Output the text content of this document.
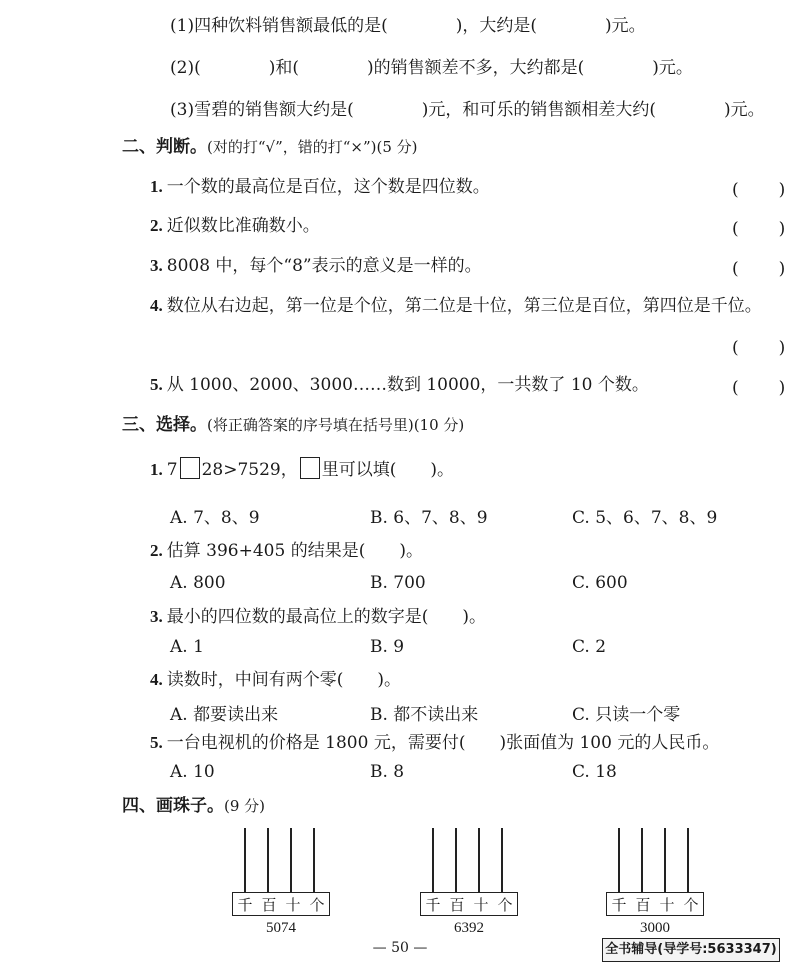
(1)四种饮料销售额最低的是(　　　　)，大约是(　　　　)元。
(2)(　　　　)和(　　　　)的销售额差不多，大约都是(　　　　)元。
(3)雪碧的销售额大约是(　　　　)元，和可乐的销售额相差大约(　　　　)元。
二、判断。(对的打“√”，错的打“×”)(5 分)
1. 一个数的最高位是百位，这个数是四位数。	(　　)
2. 近似数比准确数小。	(　　)
3. 8008 中，每个“8”表示的意义是一样的。	(　　)
4. 数位从右边起，第一位是个位，第二位是十位，第三位是百位，第四位是千位。
(　　)
5. 从 1000、2000、3000……数到 10000，一共数了 10 个数。	(　　)
三、选择。(将正确答案的序号填在括号里)(10 分)
1. 7 28>7529， 里可以填(　　)。
A. 7、8、9	B. 6、7、8、9	C. 5、6、7、8、9
2. 估算 396+405 的结果是(　　)。
A. 800	B. 700	C. 600
3. 最小的四位数的最高位上的数字是(　　)。
A. 1	B. 9	C. 2
4. 读数时，中间有两个零(　　)。
A. 都要读出来	B. 都不读出来	C. 只读一个零
5. 一台电视机的价格是 1800 元，需要付(　　)张面值为 100 元的人民币。
A. 10	B. 8	C. 18
四、画珠子。(9 分)
千 百 十 个
5074
千 百 十 个
6392
千 百 十 个
3000
— 50 —	全书辅导(导学号:5633347)
